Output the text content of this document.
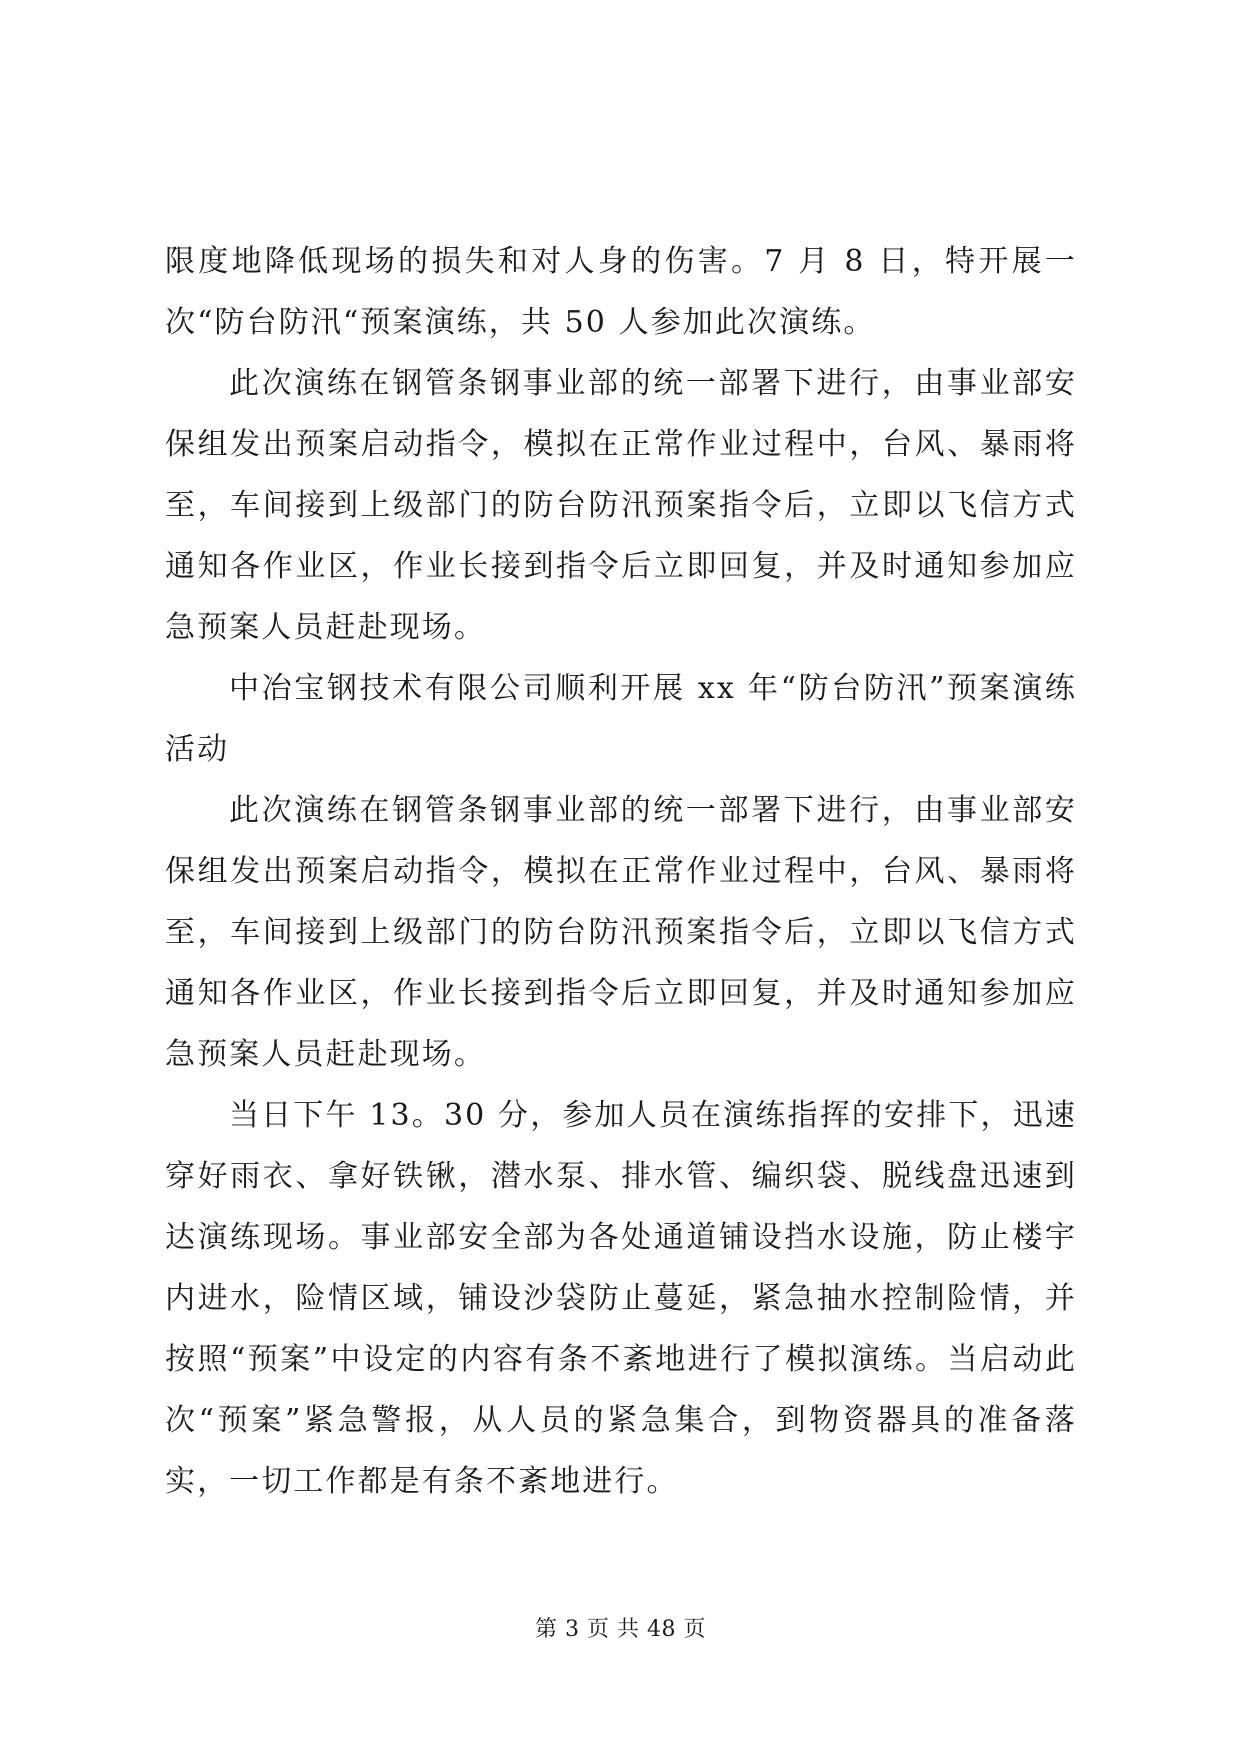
限度地降低现场的损失和对人身的伤害。7 月 8 日，特开展一次“防台防汛“预案演练，共 50 人参加此次演练。

此次演练在钢管条钢事业部的统一部署下进行，由事业部安保组发出预案启动指令，模拟在正常作业过程中，台风、暴雨将至，车间接到上级部门的防台防汛预案指令后，立即以飞信方式通知各作业区，作业长接到指令后立即回复，并及时通知参加应急预案人员赶赴现场。

中冶宝钢技术有限公司顺利开展 xx 年“防台防汛”预案演练活动

此次演练在钢管条钢事业部的统一部署下进行，由事业部安保组发出预案启动指令，模拟在正常作业过程中，台风、暴雨将至，车间接到上级部门的防台防汛预案指令后，立即以飞信方式通知各作业区，作业长接到指令后立即回复，并及时通知参加应急预案人员赶赴现场。

当日下午 13。30 分，参加人员在演练指挥的安排下，迅速穿好雨衣、拿好铁锹，潜水泵、排水管、编织袋、脱线盘迅速到达演练现场。事业部安全部为各处通道铺设挡水设施，防止楼宇内进水，险情区域，铺设沙袋防止蔓延，紧急抽水控制险情，并按照“预案”中设定的内容有条不紊地进行了模拟演练。当启动此次“预案”紧急警报，从人员的紧急集合，到物资器具的准备落实，一切工作都是有条不紊地进行。

第 3 页 共 48 页
